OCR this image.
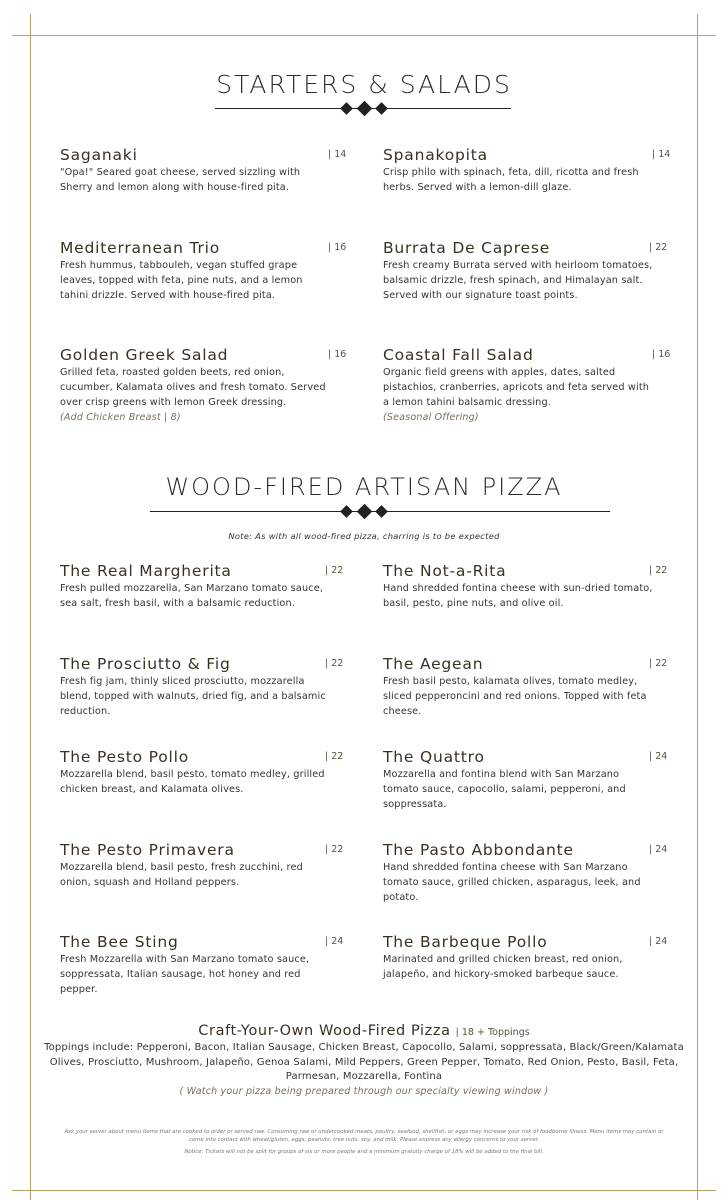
STARTERS & SALADS
Saganaki	| 14
"Opa!" Seared goat cheese, served sizzling with Sherry and lemon along with house-fired pita.
Spanakopita	| 14
Crisp philo with spinach, feta, dill, ricotta and fresh herbs. Served with a lemon-dill glaze.
Mediterranean Trio	| 16
Fresh hummus, tabbouleh, vegan stuffed grape leaves, topped with feta, pine nuts, and a lemon tahini drizzle. Served with house-fired pita.
Burrata De Caprese	| 22
Fresh creamy Burrata served with heirloom tomatoes, balsamic drizzle, fresh spinach, and Himalayan salt. Served with our signature toast points.
Golden Greek Salad	| 16
Grilled feta, roasted golden beets, red onion, cucumber, Kalamata olives and fresh tomato. Served over crisp greens with lemon Greek dressing.
(Add Chicken Breast | 8)
Coastal Fall Salad	| 16
Organic field greens with apples, dates, salted pistachios, cranberries, apricots and feta served with a lemon tahini balsamic dressing.
(Seasonal Offering)
WOOD-FIRED ARTISAN PIZZA
Note: As with all wood-fired pizza, charring is to be expected
The Real Margherita	| 22
Fresh pulled mozzarella, San Marzano tomato sauce, sea salt, fresh basil, with a balsamic reduction.
The Not-a-Rita	| 22
Hand shredded fontina cheese with sun-dried tomato, basil, pesto, pine nuts, and olive oil.
The Prosciutto & Fig	| 22
Fresh fig jam, thinly sliced prosciutto, mozzarella blend, topped with walnuts, dried fig, and a balsamic reduction.
The Aegean	| 22
Fresh basil pesto, kalamata olives, tomato medley, sliced pepperoncini and red onions. Topped with feta cheese.
The Pesto Pollo	| 22
Mozzarella blend, basil pesto, tomato medley, grilled chicken breast, and Kalamata olives.
The Quattro	| 24
Mozzarella and fontina blend with San Marzano tomato sauce, capocollo, salami, pepperoni, and soppressata.
The Pesto Primavera	| 22
Mozzarella blend, basil pesto, fresh zucchini, red onion, squash and Holland peppers.
The Pasto Abbondante	| 24
Hand shredded fontina cheese with San Marzano tomato sauce, grilled chicken, asparagus, leek, and potato.
The Bee Sting	| 24
Fresh Mozzarella with San Marzano tomato sauce, soppressata, Italian sausage, hot honey and red pepper.
The Barbeque Pollo	| 24
Marinated and grilled chicken breast, red onion, jalapeño, and hickory-smoked barbeque sauce.
Craft-Your-Own Wood-Fired Pizza | 18 + Toppings
Toppings include: Pepperoni, Bacon, Italian Sausage, Chicken Breast, Capocollo, Salami, soppressata, Black/Green/Kalamata Olives, Prosciutto, Mushroom, Jalapeño, Genoa Salami, Mild Peppers, Green Pepper, Tomato, Red Onion, Pesto, Basil, Feta, Parmesan, Mozzarella, Fontina
( Watch your pizza being prepared through our specialty viewing window )
Ask your server about menu items that are cooked to order or served raw. Consuming raw or undercooked meats, poultry, seafood, shellfish, or eggs may increase your risk of foodborne illness. Menu items may contain or come into contact with wheat/gluten, eggs, peanuts, tree nuts, soy, and milk. Please express any allergy concerns to your server.
Notice: Tickets will not be split for groups of six or more people and a minimum gratuity charge of 18% will be added to the final bill.
